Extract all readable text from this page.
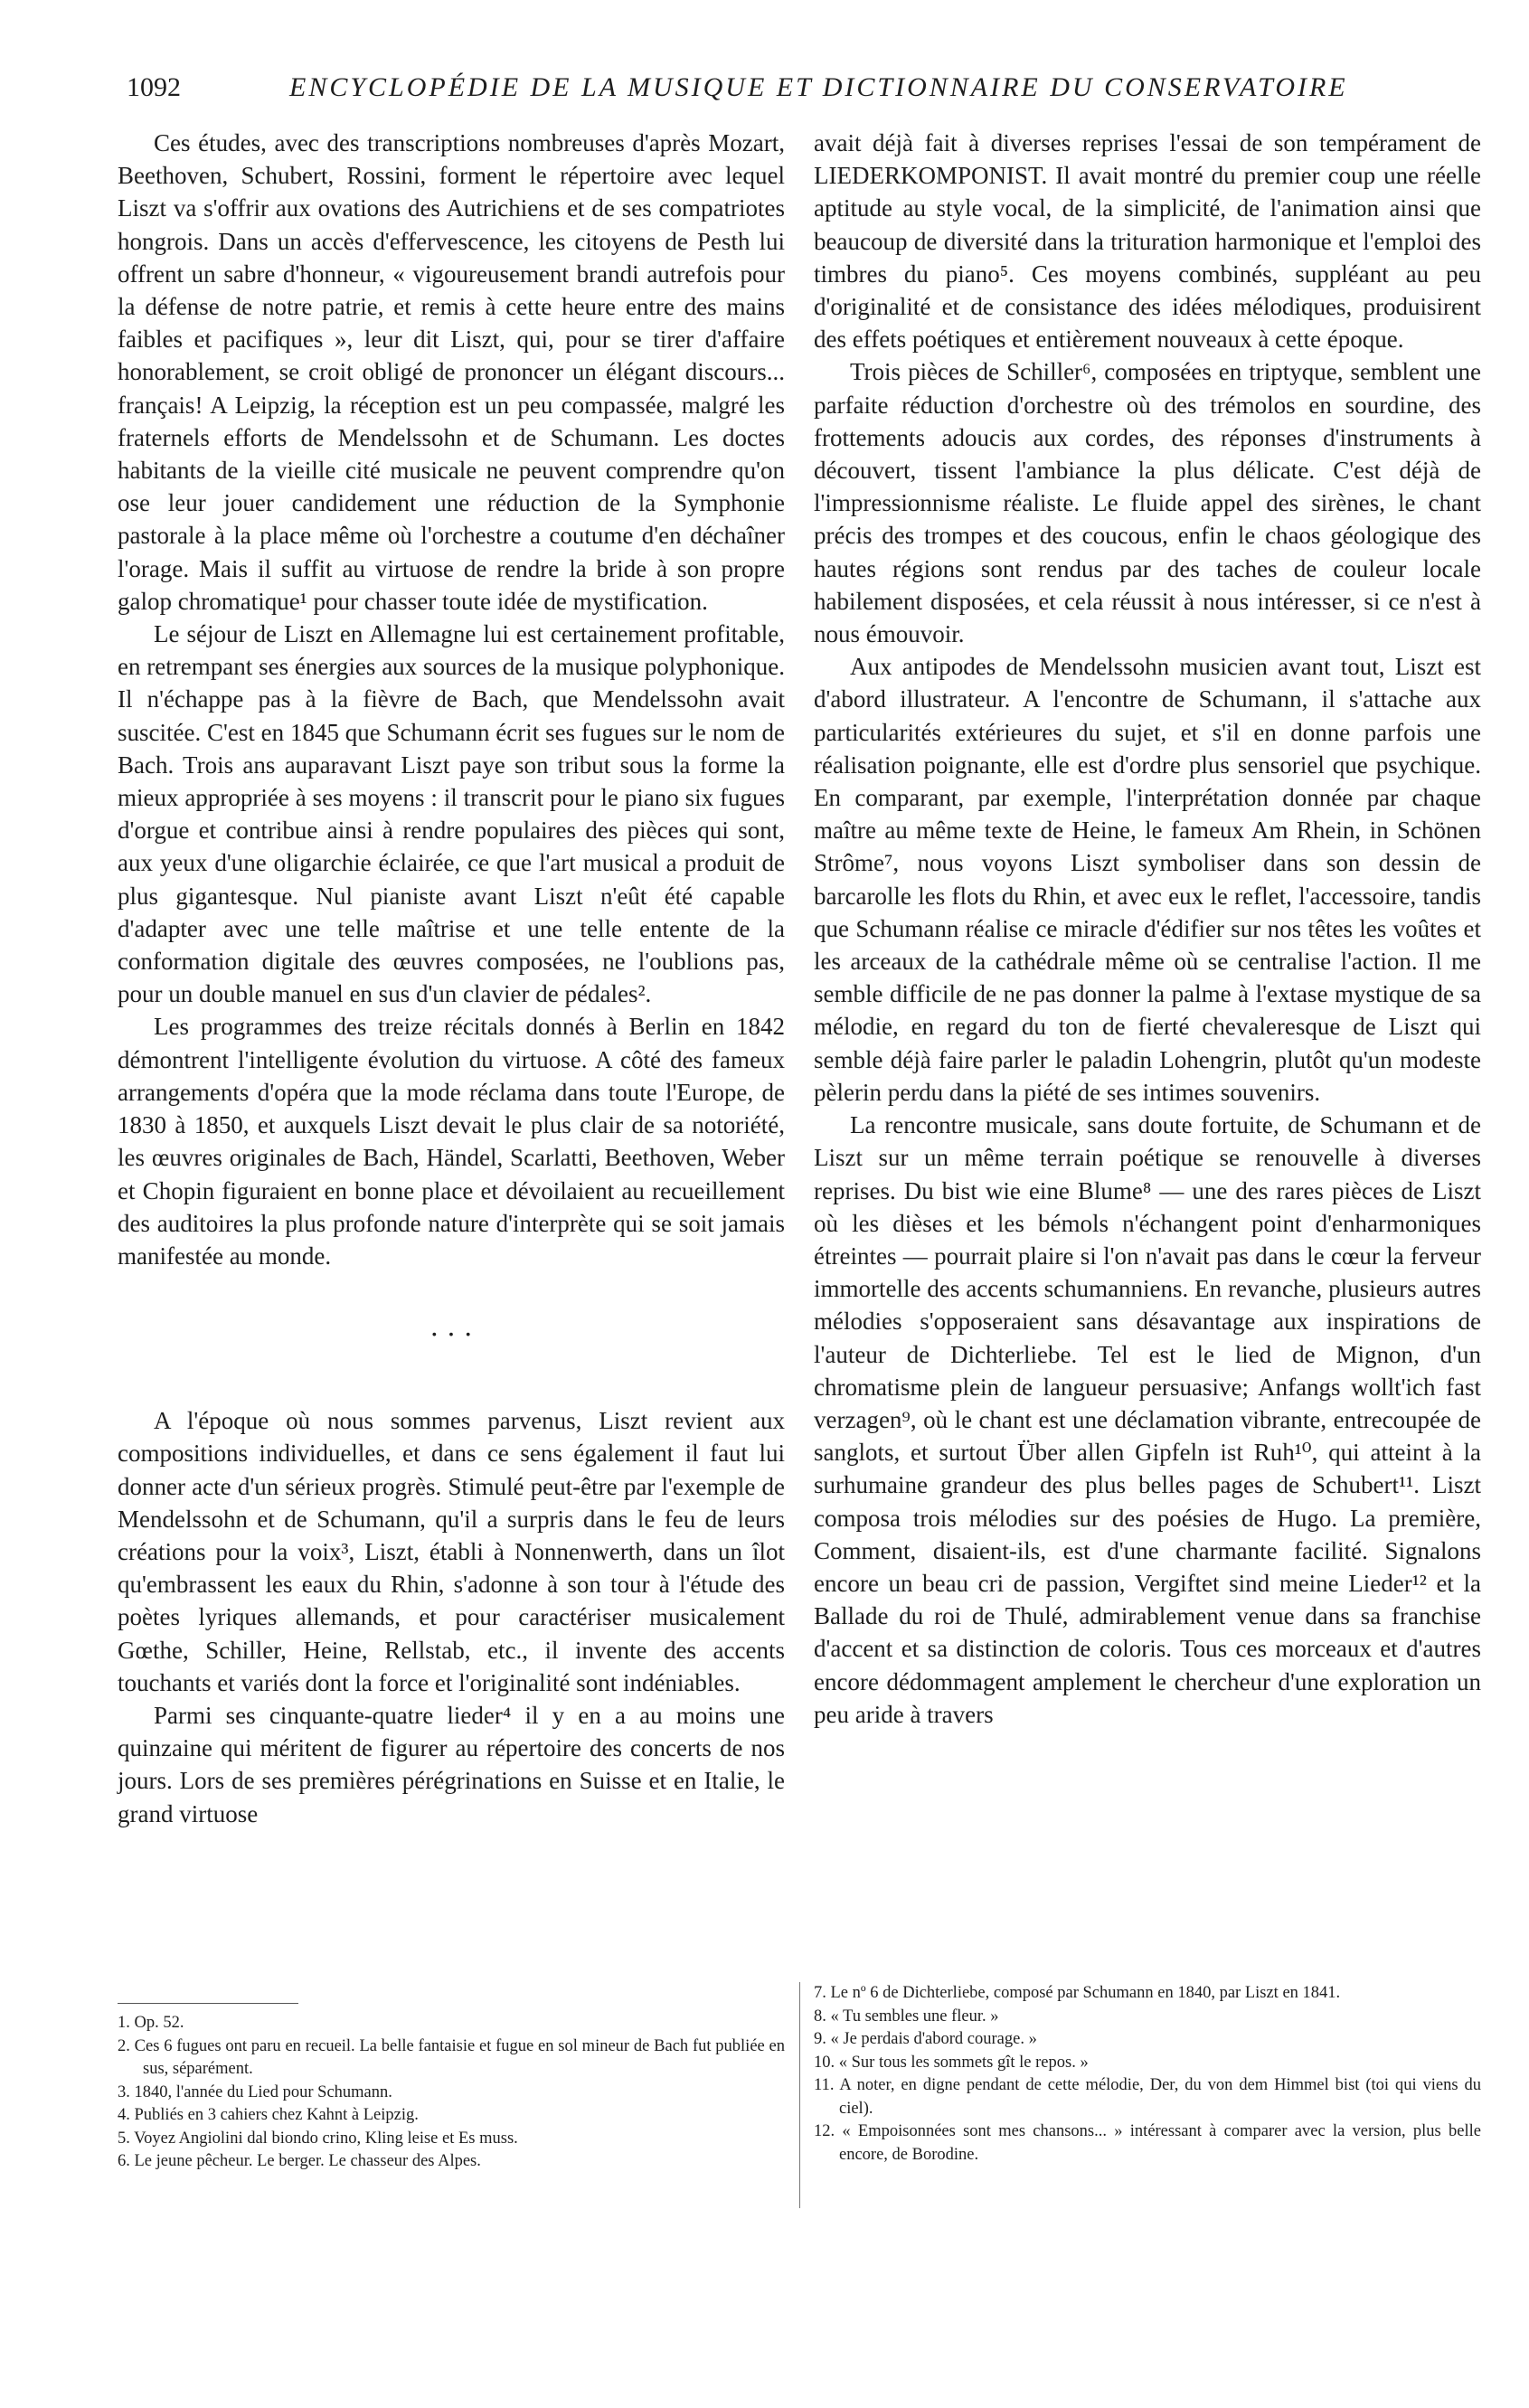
1092	ENCYCLOPÉDIE DE LA MUSIQUE ET DICTIONNAIRE DU CONSERVATOIRE

Ces études, avec des transcriptions nombreuses d'après Mozart, Beethoven, Schubert, Rossini, forment le répertoire avec lequel Liszt va s'offrir aux ovations des Autrichiens et de ses compatriotes hongrois. Dans un accès d'effervescence, les citoyens de Pesth lui offrent un sabre d'honneur, « vigoureusement brandi autrefois pour la défense de notre patrie, et remis à cette heure entre des mains faibles et pacifiques », leur dit Liszt, qui, pour se tirer d'affaire honorablement, se croit obligé de prononcer un élégant discours... français! A Leipzig, la réception est un peu compassée, malgré les fraternels efforts de Mendelssohn et de Schumann. Les doctes habitants de la vieille cité musicale ne peuvent comprendre qu'on ose leur jouer candidement une réduction de la Symphonie pastorale à la place même où l'orchestre a coutume d'en déchaîner l'orage. Mais il suffit au virtuose de rendre la bride à son propre galop chromatique¹ pour chasser toute idée de mystification.

Le séjour de Liszt en Allemagne lui est certainement profitable, en retrempant ses énergies aux sources de la musique polyphonique. Il n'échappe pas à la fièvre de Bach, que Mendelssohn avait suscitée. C'est en 1845 que Schumann écrit ses fugues sur le nom de Bach. Trois ans auparavant Liszt paye son tribut sous la forme la mieux appropriée à ses moyens : il transcrit pour le piano six fugues d'orgue et contribue ainsi à rendre populaires des pièces qui sont, aux yeux d'une oligarchie éclairée, ce que l'art musical a produit de plus gigantesque. Nul pianiste avant Liszt n'eût été capable d'adapter avec une telle maîtrise et une telle entente de la conformation digitale des œuvres composées, ne l'oublions pas, pour un double manuel en sus d'un clavier de pédales².

Les programmes des treize récitals donnés à Berlin en 1842 démontrent l'intelligente évolution du virtuose. A côté des fameux arrangements d'opéra que la mode réclama dans toute l'Europe, de 1830 à 1850, et auxquels Liszt devait le plus clair de sa notoriété, les œuvres originales de Bach, Händel, Scarlatti, Beethoven, Weber et Chopin figuraient en bonne place et dévoilaient au recueillement des auditoires la plus profonde nature d'interprète qui se soit jamais manifestée au monde.

· · ·

A l'époque où nous sommes parvenus, Liszt revient aux compositions individuelles, et dans ce sens également il faut lui donner acte d'un sérieux progrès. Stimulé peut-être par l'exemple de Mendelssohn et de Schumann, qu'il a surpris dans le feu de leurs créations pour la voix³, Liszt, établi à Nonnenwerth, dans un îlot qu'embrassent les eaux du Rhin, s'adonne à son tour à l'étude des poètes lyriques allemands, et pour caractériser musicalement Gœthe, Schiller, Heine, Rellstab, etc., il invente des accents touchants et variés dont la force et l'originalité sont indéniables.

Parmi ses cinquante-quatre lieder⁴ il y en a au moins une quinzaine qui méritent de figurer au répertoire des concerts de nos jours. Lors de ses premières pérégrinations en Suisse et en Italie, le grand virtuose

avait déjà fait à diverses reprises l'essai de son tempérament de LIEDERKOMPONIST. Il avait montré du premier coup une réelle aptitude au style vocal, de la simplicité, de l'animation ainsi que beaucoup de diversité dans la trituration harmonique et l'emploi des timbres du piano⁵. Ces moyens combinés, suppléant au peu d'originalité et de consistance des idées mélodiques, produisirent des effets poétiques et entièrement nouveaux à cette époque.

Trois pièces de Schiller⁶, composées en triptyque, semblent une parfaite réduction d'orchestre où des trémolos en sourdine, des frottements adoucis aux cordes, des réponses d'instruments à découvert, tissent l'ambiance la plus délicate. C'est déjà de l'impressionnisme réaliste. Le fluide appel des sirènes, le chant précis des trompes et des coucous, enfin le chaos géologique des hautes régions sont rendus par des taches de couleur locale habilement disposées, et cela réussit à nous intéresser, si ce n'est à nous émouvoir.

Aux antipodes de Mendelssohn musicien avant tout, Liszt est d'abord illustrateur. A l'encontre de Schumann, il s'attache aux particularités extérieures du sujet, et s'il en donne parfois une réalisation poignante, elle est d'ordre plus sensoriel que psychique. En comparant, par exemple, l'interprétation donnée par chaque maître au même texte de Heine, le fameux Am Rhein, in Schönen Strôme⁷, nous voyons Liszt symboliser dans son dessin de barcarolle les flots du Rhin, et avec eux le reflet, l'accessoire, tandis que Schumann réalise ce miracle d'édifier sur nos têtes les voûtes et les arceaux de la cathédrale même où se centralise l'action. Il me semble difficile de ne pas donner la palme à l'extase mystique de sa mélodie, en regard du ton de fierté chevaleresque de Liszt qui semble déjà faire parler le paladin Lohengrin, plutôt qu'un modeste pèlerin perdu dans la piété de ses intimes souvenirs.

La rencontre musicale, sans doute fortuite, de Schumann et de Liszt sur un même terrain poétique se renouvelle à diverses reprises. Du bist wie eine Blume⁸ — une des rares pièces de Liszt où les dièses et les bémols n'échangent point d'enharmoniques étreintes — pourrait plaire si l'on n'avait pas dans le cœur la ferveur immortelle des accents schumanniens. En revanche, plusieurs autres mélodies s'opposeraient sans désavantage aux inspirations de l'auteur de Dichterliebe. Tel est le lied de Mignon, d'un chromatisme plein de langueur persuasive; Anfangs wollt'ich fast verzagen⁹, où le chant est une déclamation vibrante, entrecoupée de sanglots, et surtout Über allen Gipfeln ist Ruh¹⁰, qui atteint à la surhumaine grandeur des plus belles pages de Schubert¹¹. Liszt composa trois mélodies sur des poésies de Hugo. La première, Comment, disaient-ils, est d'une charmante facilité. Signalons encore un beau cri de passion, Vergiftet sind meine Lieder¹² et la Ballade du roi de Thulé, admirablement venue dans sa franchise d'accent et sa distinction de coloris. Tous ces morceaux et d'autres encore dédommagent amplement le chercheur d'une exploration un peu aride à travers

1. Op. 52.

2. Ces 6 fugues ont paru en recueil. La belle fantaisie et fugue en sol mineur de Bach fut publiée en sus, séparément.

3. 1840, l'année du Lied pour Schumann.

4. Publiés en 3 cahiers chez Kahnt à Leipzig.

5. Voyez Angiolini dal biondo crino, Kling leise et Es muss.

6. Le jeune pêcheur. Le berger. Le chasseur des Alpes.

7. Le nº 6 de Dichterliebe, composé par Schumann en 1840, par Liszt en 1841.

8. « Tu sembles une fleur. »

9. « Je perdais d'abord courage. »

10. « Sur tous les sommets gît le repos. »

11. A noter, en digne pendant de cette mélodie, Der, du von dem Himmel bist (toi qui viens du ciel).

12. « Empoisonnées sont mes chansons... » intéressant à comparer avec la version, plus belle encore, de Borodine.
